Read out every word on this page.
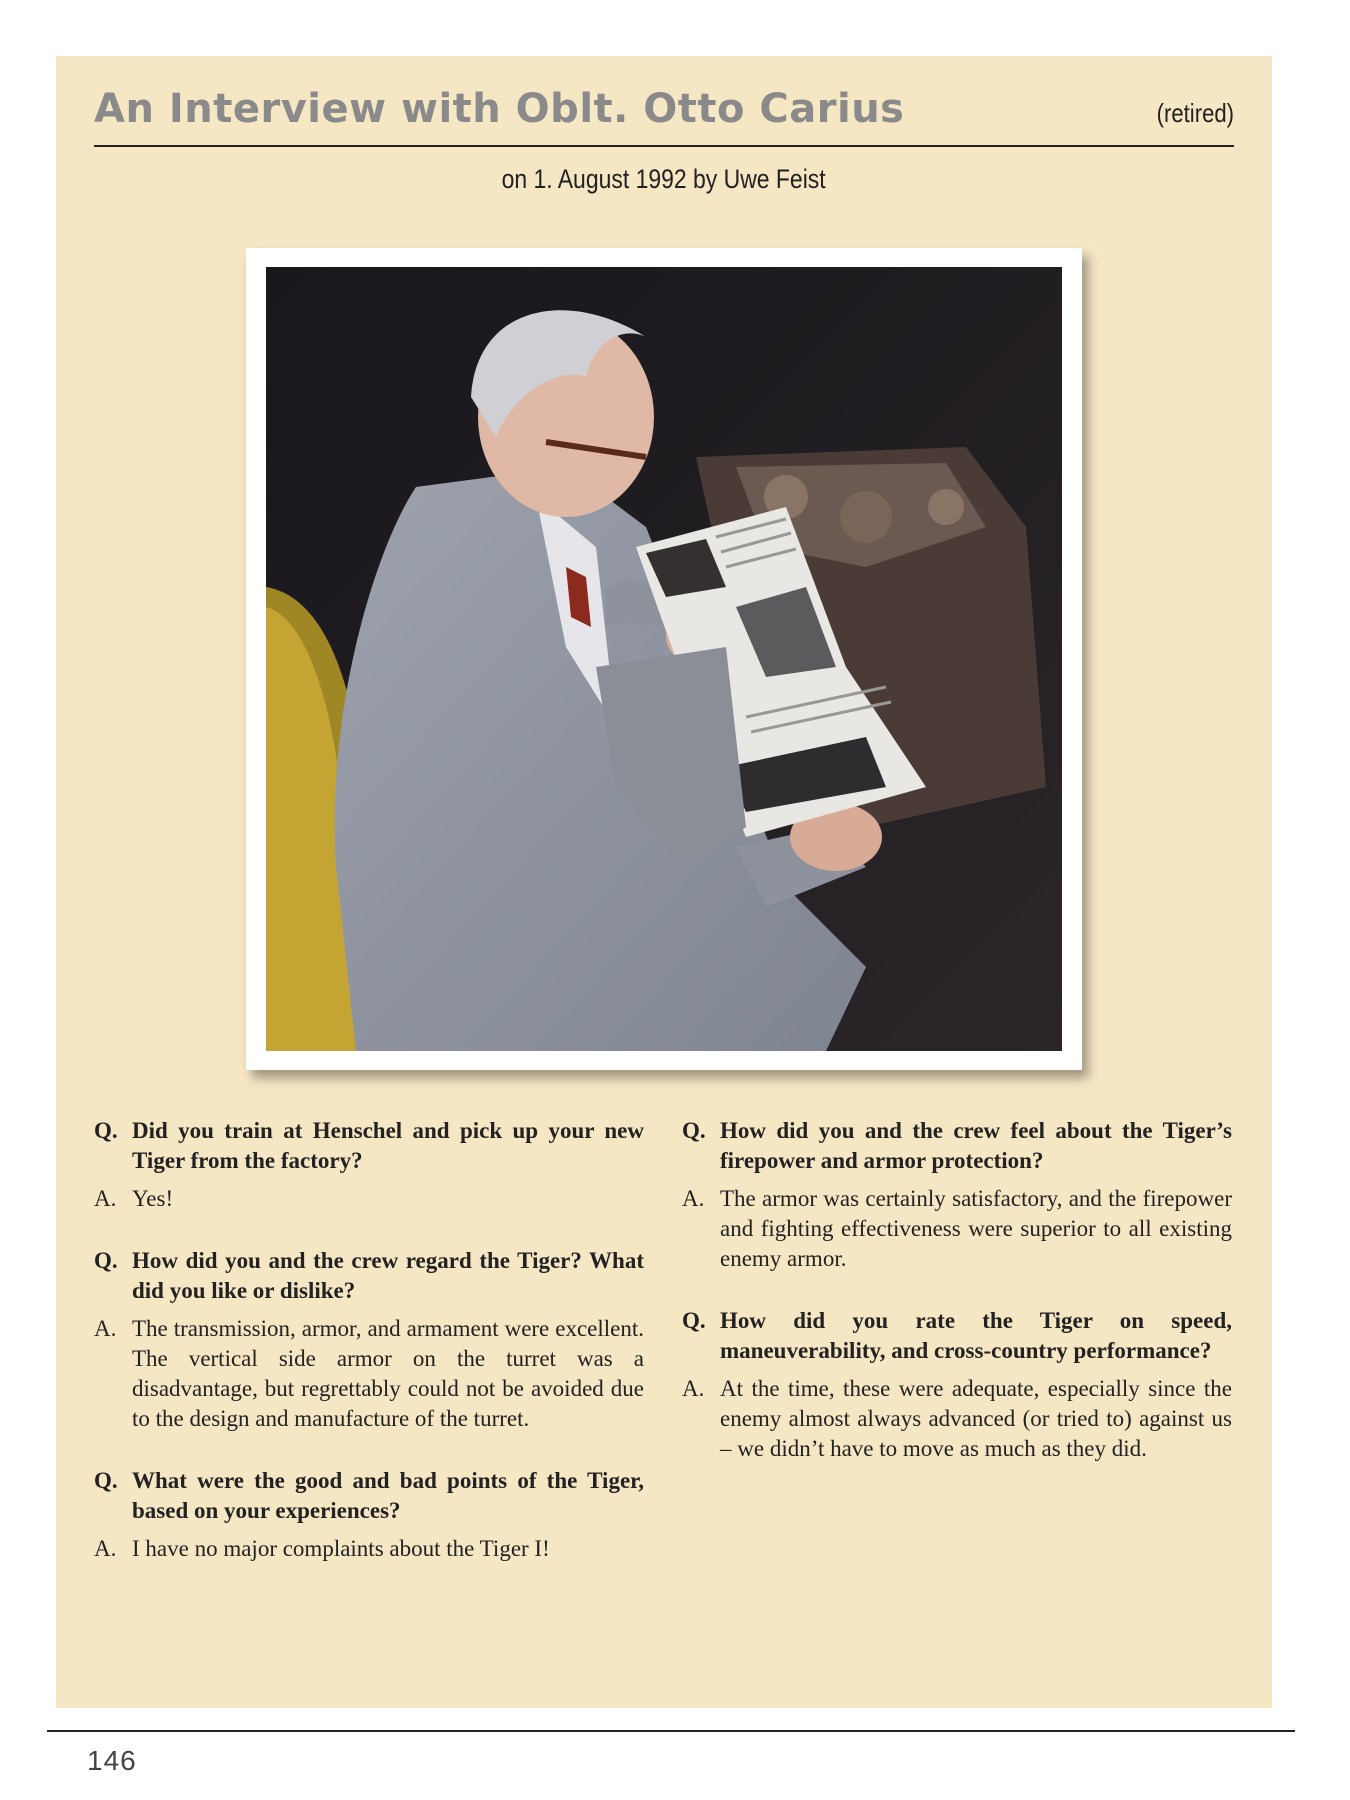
An Interview with Oblt. Otto Carius	(retired)
on 1. August 1992 by Uwe Feist
Q. Did you train at Henschel and pick up your new Tiger from the factory?
A. Yes!
Q. How did you and the crew regard the Tiger? What did you like or dislike?
A. The transmission, armor, and armament were excellent. The vertical side armor on the turret was a disadvantage, but regrettably could not be avoided due to the design and manufacture of the turret.
Q. What were the good and bad points of the Tiger, based on your experiences?
A. I have no major complaints about the Tiger I!
Q. How did you and the crew feel about the Tiger’s firepower and armor protection?
A. The armor was certainly satisfactory, and the firepower and fighting effectiveness were superior to all existing enemy armor.
Q. How did you rate the Tiger on speed, maneuverability, and cross-country performance?
A. At the time, these were adequate, especially since the enemy almost always advanced (or tried to) against us – we didn’t have to move as much as they did.
146
